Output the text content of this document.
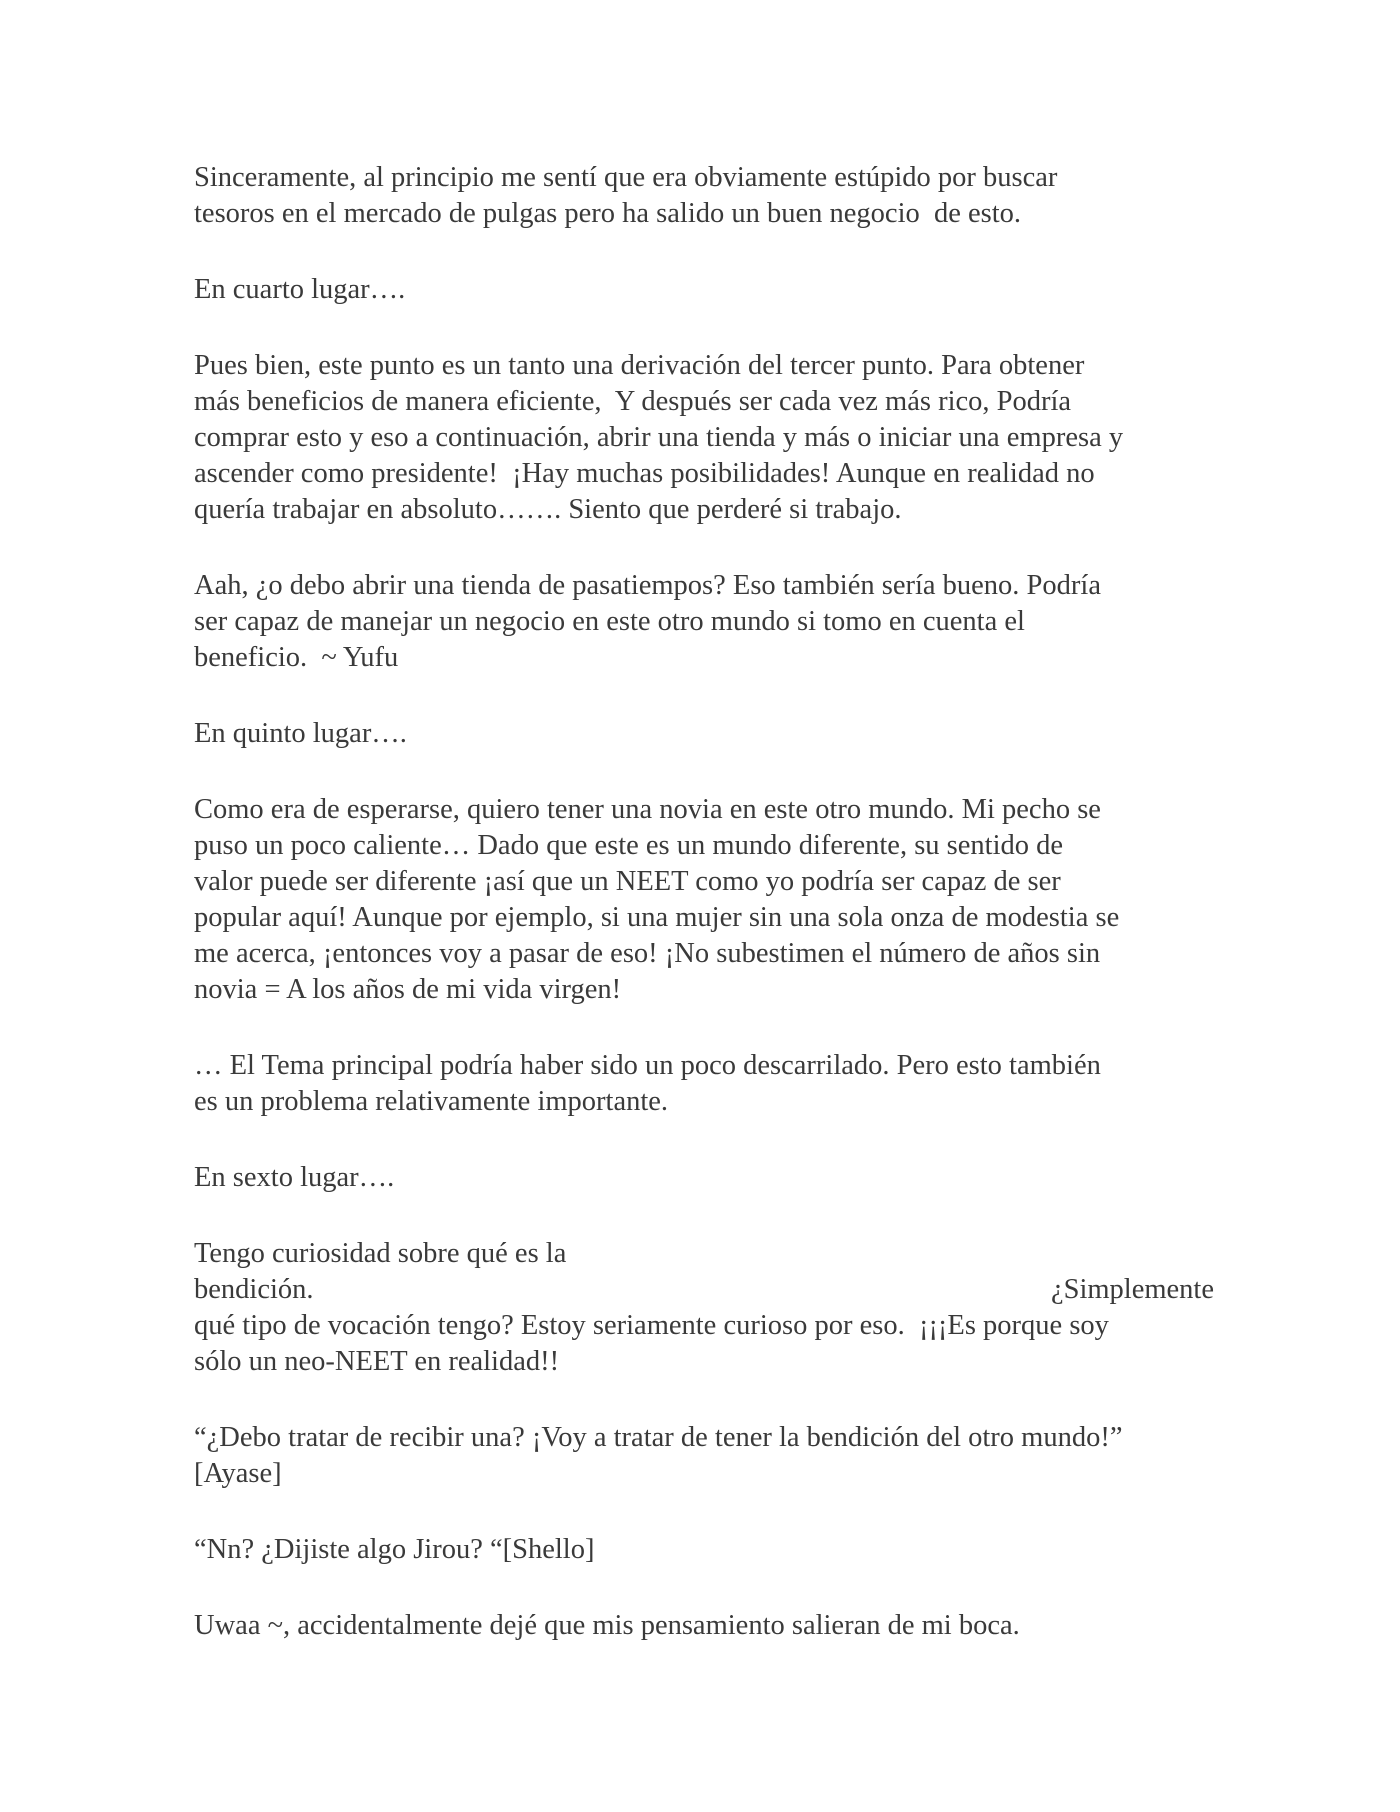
Sinceramente, al principio me sentí que era obviamente estúpido por buscar
tesoros en el mercado de pulgas pero ha salido un buen negocio  de esto.

En cuarto lugar….

Pues bien, este punto es un tanto una derivación del tercer punto. Para obtener
más beneficios de manera eficiente,  Y después ser cada vez más rico, Podría
comprar esto y eso a continuación, abrir una tienda y más o iniciar una empresa y
ascender como presidente!  ¡Hay muchas posibilidades! Aunque en realidad no
quería trabajar en absoluto……. Siento que perderé si trabajo.

Aah, ¿o debo abrir una tienda de pasatiempos? Eso también sería bueno. Podría
ser capaz de manejar un negocio en este otro mundo si tomo en cuenta el
beneficio.  ~ Yufu

En quinto lugar….

Como era de esperarse, quiero tener una novia en este otro mundo. Mi pecho se
puso un poco caliente… Dado que este es un mundo diferente, su sentido de
valor puede ser diferente ¡así que un NEET como yo podría ser capaz de ser
popular aquí! Aunque por ejemplo, si una mujer sin una sola onza de modestia se
me acerca, ¡entonces voy a pasar de eso! ¡No subestimen el número de años sin
novia = A los años de mi vida virgen!

… El Tema principal podría haber sido un poco descarrilado. Pero esto también
es un problema relativamente importante.

En sexto lugar….

Tengo curiosidad sobre qué es la
bendición.	¿Simplemente
qué tipo de vocación tengo? Estoy seriamente curioso por eso.  ¡¡¡Es porque soy
sólo un neo-NEET en realidad!!

“¿Debo tratar de recibir una? ¡Voy a tratar de tener la bendición del otro mundo!”
[Ayase]

“Nn? ¿Dijiste algo Jirou? “[Shello]

Uwaa ~, accidentalmente dejé que mis pensamiento salieran de mi boca.
